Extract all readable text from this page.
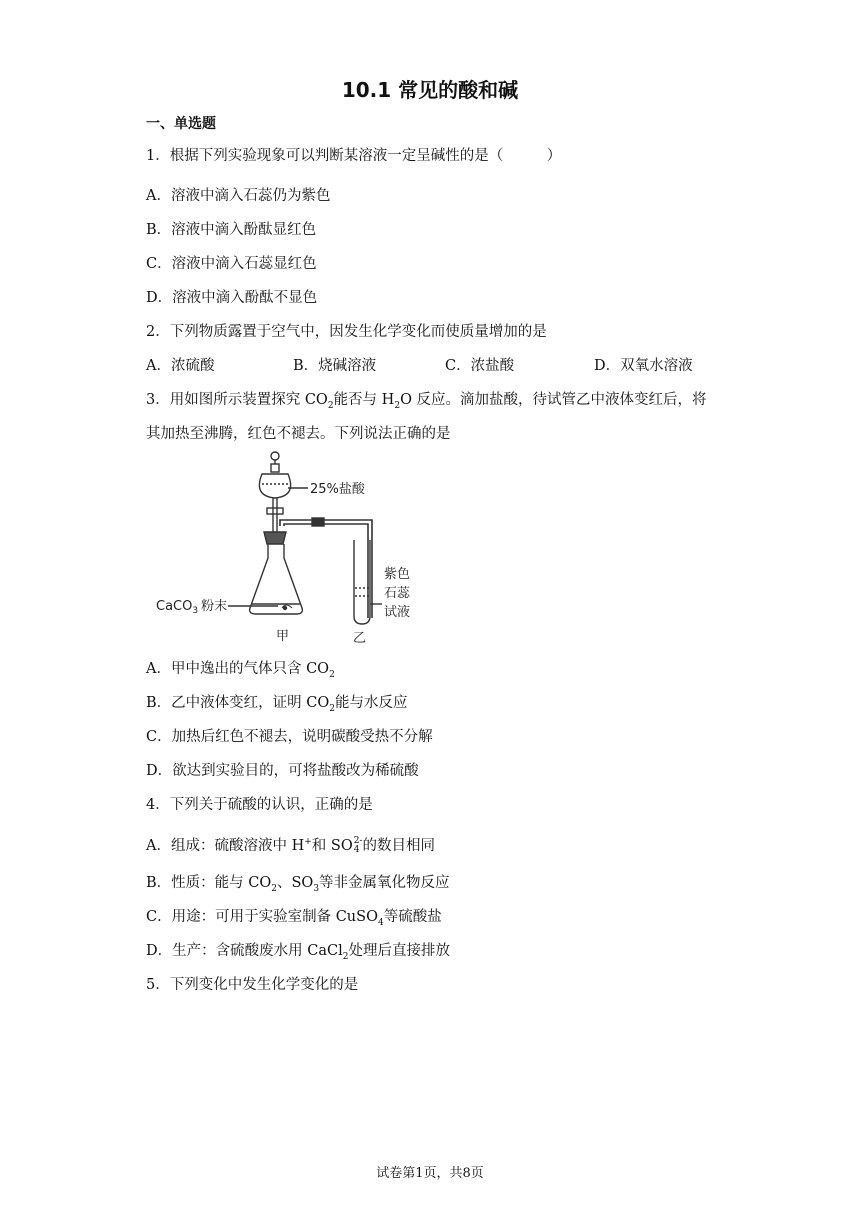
10.1 常见的酸和碱
一、单选题
1．根据下列实验现象可以判断某溶液一定呈碱性的是（　　　）
A．溶液中滴入石蕊仍为紫色
B．溶液中滴入酚酞显红色
C．溶液中滴入石蕊显红色
D．溶液中滴入酚酞不显色
2．下列物质露置于空气中，因发生化学变化而使质量增加的是
A．浓硫酸	B．烧碱溶液	C．浓盐酸	D．双氧水溶液
3．用如图所示装置探究 $CO_2$能否与 $H_2O$ 反应。滴加盐酸，待试管乙中液体变红后，将
其加热至沸腾，红色不褪去。下列说法正确的是
25%盐酸
CaCO$_3$ 粉末
紫色
石蕊
试液
甲	乙
A．甲中逸出的气体只含 $CO_2$
B．乙中液体变红，证明 $CO_2$能与水反应
C．加热后红色不褪去，说明碳酸受热不分解
D．欲达到实验目的，可将盐酸改为稀硫酸
4．下列关于硫酸的认识，正确的是
A．组成：硫酸溶液中 H+和 SO2-
4 的数目相同
B．性质：能与 $CO_2$、$SO_3$等非金属氧化物反应
C．用途：可用于实验室制备 CuSO$_4$等硫酸盐
D．生产：含硫酸废水用 CaCl$_2$处理后直接排放
5．下列变化中发生化学变化的是
试卷第1页，共8页
